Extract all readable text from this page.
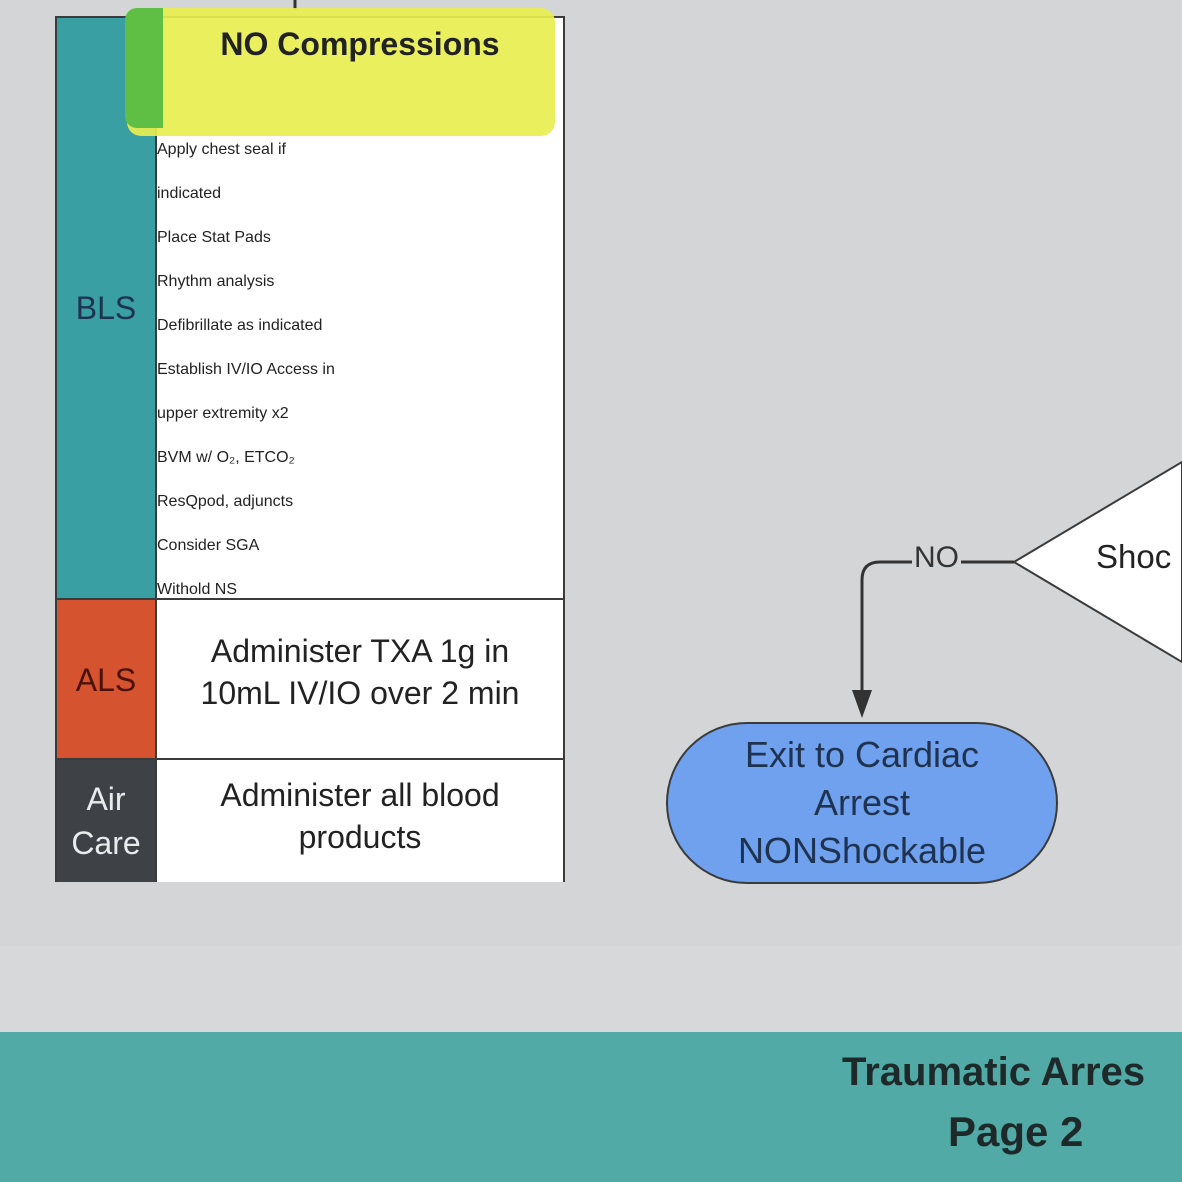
BLS
NO Compressions
Apply chest seal if
indicated
Place Stat Pads
Rhythm analysis
Defibrillate as indicated
Establish IV/IO Access in
upper extremity x2
BVM w/ O₂, ETCO₂
ResQpod, adjuncts
Consider SGA
Withold NS
ALS
Administer TXA 1g in
10mL IV/IO over 2 min
Air
Care
Administer all blood
products
NO	Shoc
Exit to Cardiac
Arrest
NONShockable
Traumatic Arres
Page 2
